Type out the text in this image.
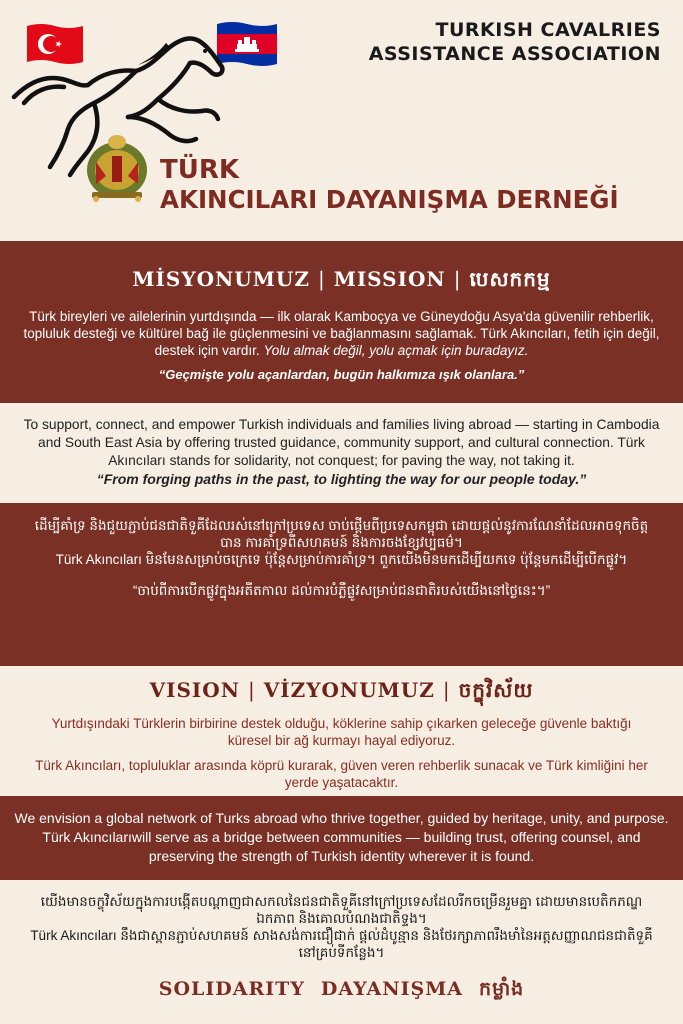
TURKISH CAVALRIES
ASSISTANCE ASSOCIATION
TÜRK
AKINCILARI DAYANIŞMA DERNEĞİ
MİSYONUMUZ | MISSION | បេសកកម្ម

Türk bireyleri ve ailelerinin yurtdışında — ilk olarak Kamboçya ve Güneydoğu Asya'da güvenilir rehberlik, topluluk desteği ve kültürel bağ ile güçlenmesini ve bağlanmasını sağlamak. Türk Akıncıları, fetih için değil, destek için vardır. Yolu almak değil, yolu açmak için buradayız.

“Geçmişte yolu açanlardan, bugün halkımıza ışık olanlara.”

To support, connect, and empower Turkish individuals and families living abroad — starting in Cambodia and South East Asia by offering trusted guidance, community support, and cultural connection. Türk Akıncıları stands for solidarity, not conquest; for paving the way, not taking it.

“From forging paths in the past, to lighting the way for our people today.”

ដើម្បីគាំទ្រ និងជួយភ្ជាប់ជនជាតិទួគីដែលរស់នៅក្រៅប្រទេស ​ចាប់ផ្តើមពីប្រទេសកម្ពុជា ដោយផ្តល់នូវការណែនាំដែលអាចទុកចិត្តបាន ការគាំទ្រពីសហគមន៍ និងការចងខ្សែវប្បធម៌។
Türk Akıncıları មិនមែនសម្រាប់ចក្រេទេ ប៉ុន្តែសម្រាប់ការគាំទ្រ។ ពួកយើងមិនមកដើម្បីយកទេ ប៉ុន្តែមកដើម្បីបើកផ្លូវ។

“ចាប់ពីការបើកផ្លូវក្នុងអតីតកាល ដល់ការបំភ្លឺផ្លូវសម្រាប់ជនជាតិរបស់យើងនៅថ្ងៃនេះ។”

VISION | VİZYONUMUZ | ចក្ខុវិស័យ

Yurtdışındaki Türklerin birbirine destek olduğu, köklerine sahip çıkarken geleceğe güvenle baktığı küresel bir ağ kurmayı hayal ediyoruz.

Türk Akıncıları, topluluklar arasında köprü kurarak, güven veren rehberlik sunacak ve Türk kimliğini her yerde yaşatacaktır.

We envision a global network of Turks abroad who thrive together, guided by heritage, unity, and purpose. Türk Akıncılarıwill serve as a bridge between communities — building trust, offering counsel, and preserving the strength of Turkish identity wherever it is found.

យើងមានចក្ខុវិស័យក្នុងការបង្កើតបណ្តាញជាសកលនៃជនជាតិទួគីនៅក្រៅប្រទេសដែលរីកចម្រើនរួមគ្នា ដោយមានបេតិកភណ្ឌ ឯកភាព និងគោលបំណងជាតិទ្ទង។
Türk Akıncıları នឹងជាស្ពានភ្ជាប់សហគមន៍ សាងសង់ការជឿជាក់ ផ្តល់ដំបូន្មាន និងថែរក្សាភាពរឹងមាំនៃអត្តសញ្ញាណជនជាតិទួគីនៅគ្រប់ទីកន្លែង។

SOLIDARITY DAYANIŞMA កម្លាំង
